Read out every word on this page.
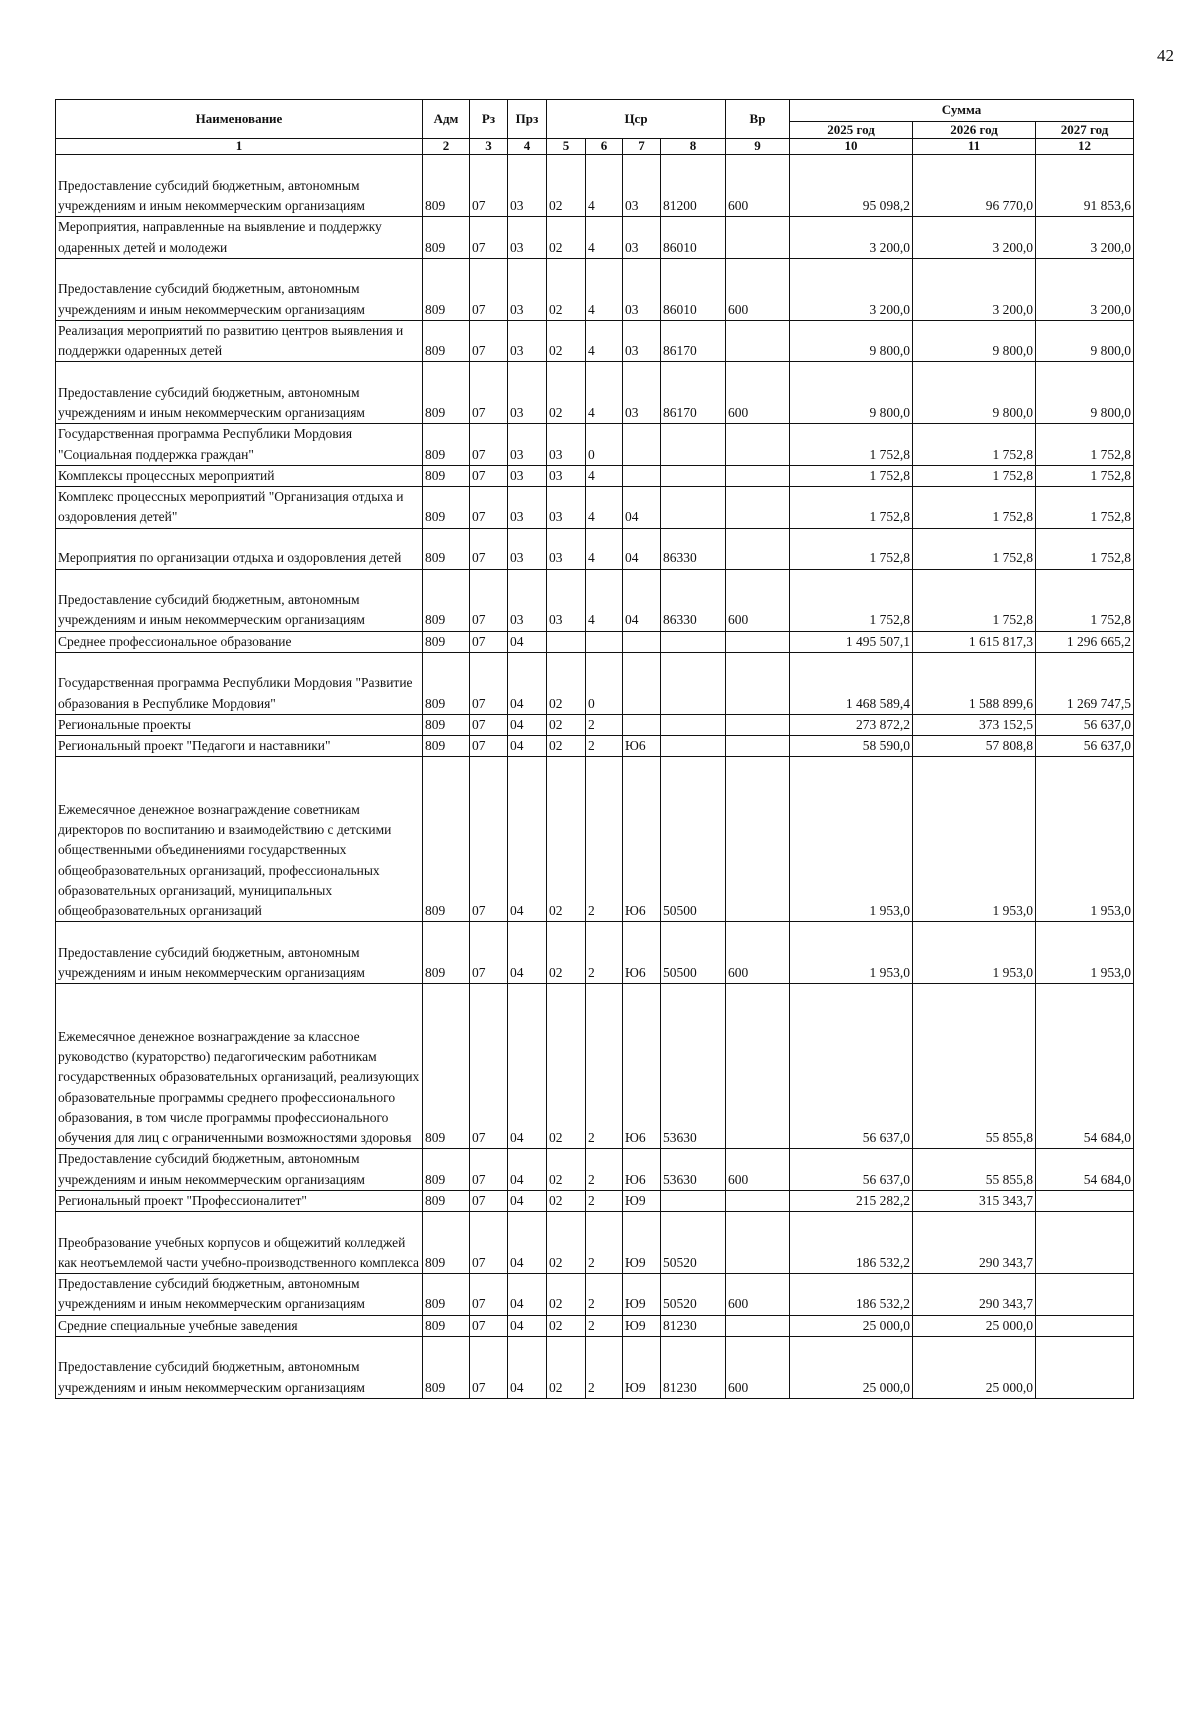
42
Наименование	Адм	Рз	Прз	Цср				Вр	Сумма		
									2025 год	2026 год	2027 год
1	2	3	4	5	6	7	8	9	10	11	12
Предоставление субсидий бюджетным, автономным учреждениям и иным некоммерческим организациям	809	07	03	02	4	03	81200	600	95 098,2	96 770,0	91 853,6
Мероприятия, направленные на выявление и поддержку одаренных детей и молодежи	809	07	03	02	4	03	86010		3 200,0	3 200,0	3 200,0
Предоставление субсидий бюджетным, автономным учреждениям и иным некоммерческим организациям	809	07	03	02	4	03	86010	600	3 200,0	3 200,0	3 200,0
Реализация мероприятий по развитию центров выявления и поддержки одаренных детей	809	07	03	02	4	03	86170		9 800,0	9 800,0	9 800,0
Предоставление субсидий бюджетным, автономным учреждениям и иным некоммерческим организациям	809	07	03	02	4	03	86170	600	9 800,0	9 800,0	9 800,0
Государственная программа Республики Мордовия "Социальная поддержка граждан"	809	07	03	03	0				1 752,8	1 752,8	1 752,8
Комплексы процессных мероприятий	809	07	03	03	4				1 752,8	1 752,8	1 752,8
Комплекс процессных мероприятий "Организация отдыха и оздоровления детей"	809	07	03	03	4	04			1 752,8	1 752,8	1 752,8
Мероприятия по организации отдыха и оздоровления детей	809	07	03	03	4	04	86330		1 752,8	1 752,8	1 752,8
Предоставление субсидий бюджетным, автономным учреждениям и иным некоммерческим организациям	809	07	03	03	4	04	86330	600	1 752,8	1 752,8	1 752,8
Среднее профессиональное образование	809	07	04						1 495 507,1	1 615 817,3	1 296 665,2
Государственная программа Республики Мордовия "Развитие образования в Республике Мордовия"	809	07	04	02	0				1 468 589,4	1 588 899,6	1 269 747,5
Региональные проекты	809	07	04	02	2				273 872,2	373 152,5	56 637,0
Региональный проект "Педагоги и наставники"	809	07	04	02	2	Ю6			58 590,0	57 808,8	56 637,0
Ежемесячное денежное вознаграждение советникам директоров по воспитанию и взаимодействию с детскими общественными объединениями государственных общеобразовательных организаций, профессиональных образовательных организаций, муниципальных общеобразовательных организаций	809	07	04	02	2	Ю6	50500		1 953,0	1 953,0	1 953,0
Предоставление субсидий бюджетным, автономным учреждениям и иным некоммерческим организациям	809	07	04	02	2	Ю6	50500	600	1 953,0	1 953,0	1 953,0
Ежемесячное денежное вознаграждение за классное руководство (кураторство) педагогическим работникам государственных образовательных организаций, реализующих образовательные программы среднего профессионального образования, в том числе программы профессионального обучения для лиц с ограниченными возможностями здоровья	809	07	04	02	2	Ю6	53630		56 637,0	55 855,8	54 684,0
Предоставление субсидий бюджетным, автономным учреждениям и иным некоммерческим организациям	809	07	04	02	2	Ю6	53630	600	56 637,0	55 855,8	54 684,0
Региональный проект "Профессионалитет"	809	07	04	02	2	Ю9			215 282,2	315 343,7	
Преобразование учебных корпусов и общежитий колледжей как неотъемлемой части учебно-производственного комплекса	809	07	04	02	2	Ю9	50520		186 532,2	290 343,7	
Предоставление субсидий бюджетным, автономным учреждениям и иным некоммерческим организациям	809	07	04	02	2	Ю9	50520	600	186 532,2	290 343,7	
Средние специальные учебные заведения	809	07	04	02	2	Ю9	81230		25 000,0	25 000,0	
Предоставление субсидий бюджетным, автономным учреждениям и иным некоммерческим организациям	809	07	04	02	2	Ю9	81230	600	25 000,0	25 000,0	
